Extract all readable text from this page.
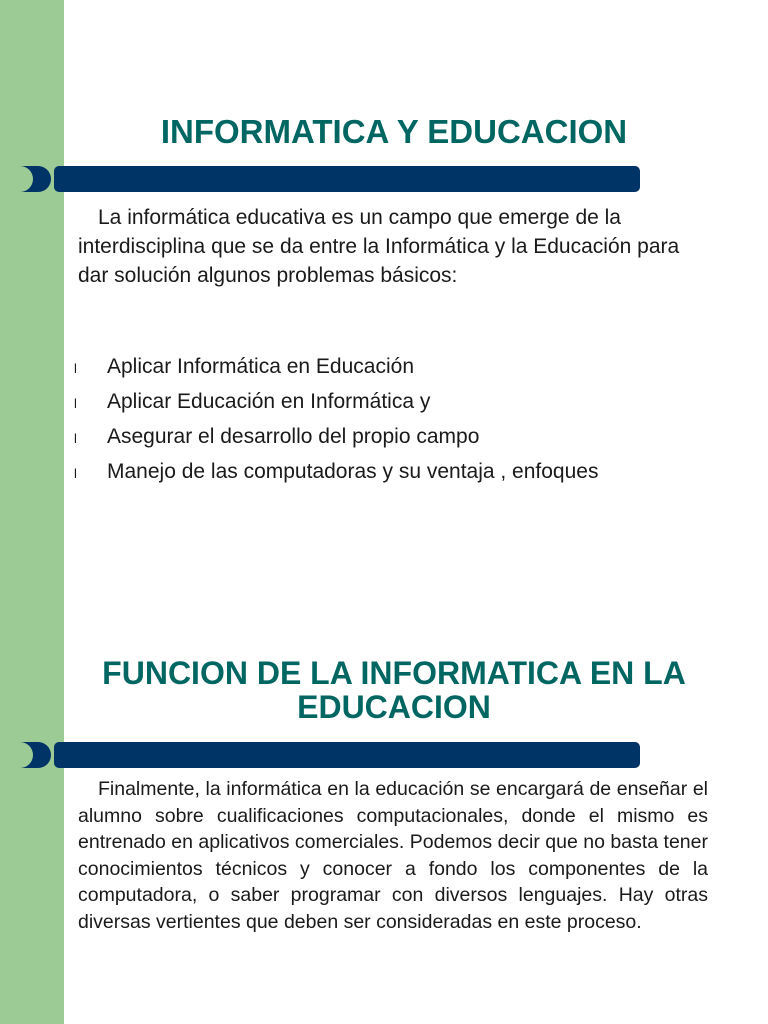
INFORMATICA Y EDUCACION

La informática educativa es un campo que emerge de la interdisciplina que se da entre la Informática y la Educación para dar solución algunos problemas básicos:

l	Aplicar Informática en Educación
l	Aplicar Educación en Informática y
l	Asegurar el desarrollo del propio campo
l	Manejo de las computadoras y su ventaja , enfoques
FUNCION DE LA INFORMATICA EN LA EDUCACION

Finalmente, la informática en la educación se encargará de enseñar el alumno sobre cualificaciones computacionales, donde el mismo es entrenado en aplicativos comerciales. Podemos decir que no basta tener conocimientos técnicos y conocer a fondo los componentes de la computadora, o saber programar con diversos lenguajes. Hay otras diversas vertientes que deben ser consideradas en este proceso.
